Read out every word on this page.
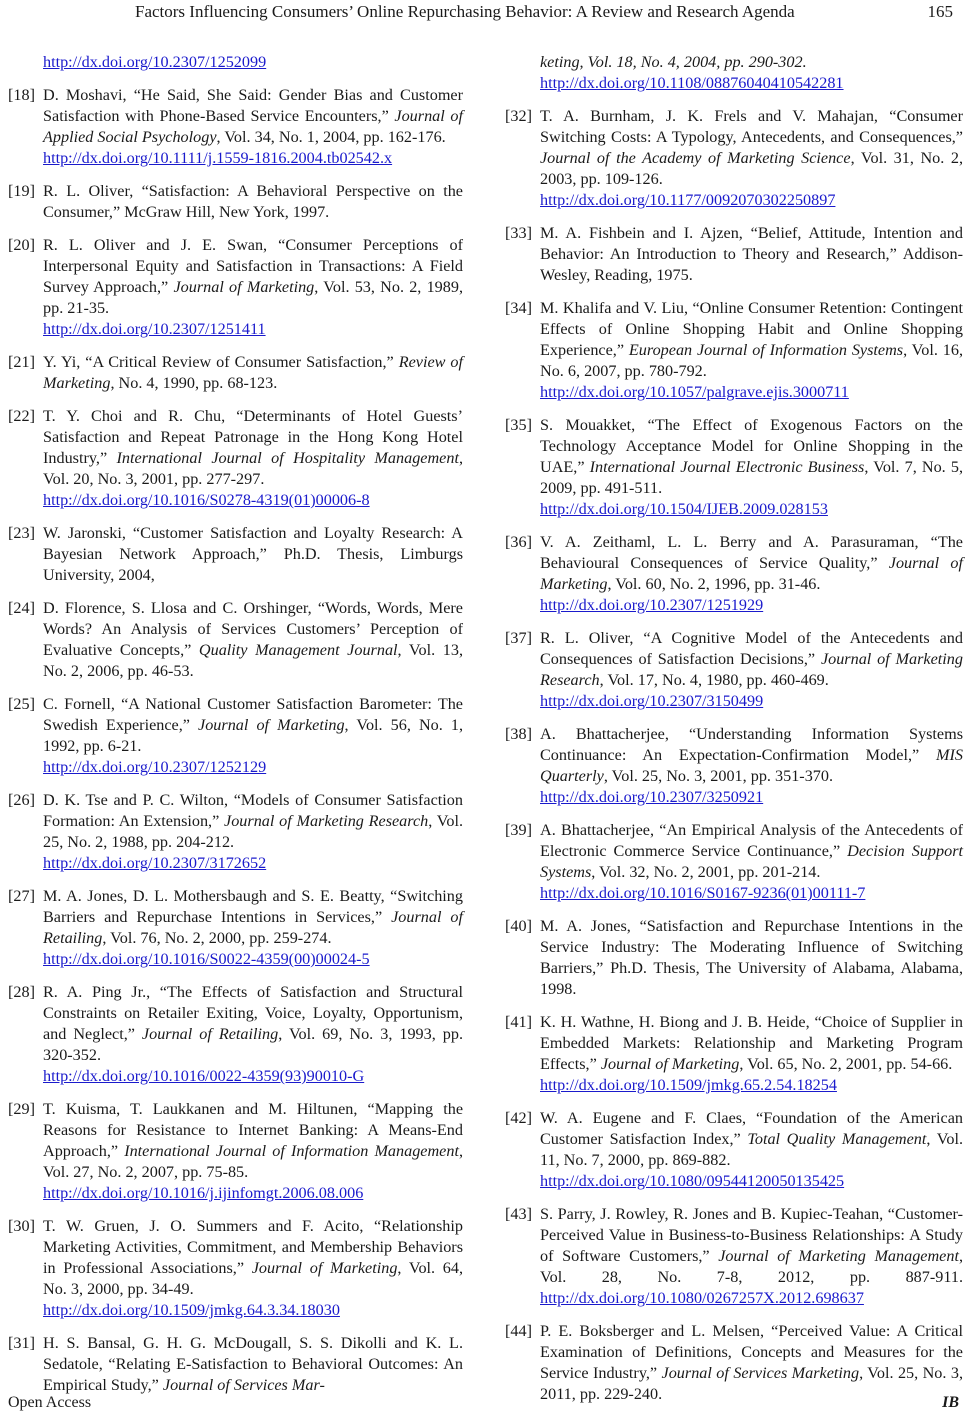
Factors Influencing Consumers’ Online Repurchasing Behavior: A Review and Research Agenda	165
http://dx.doi.org/10.2307/1252099
[18] D. Moshavi, “He Said, She Said: Gender Bias and Customer Satisfaction with Phone-Based Service Encounters,” Journal of Applied Social Psychology, Vol. 34, No. 1, 2004, pp. 162-176.
http://dx.doi.org/10.1111/j.1559-1816.2004.tb02542.x
[19] R. L. Oliver, “Satisfaction: A Behavioral Perspective on the Consumer,” McGraw Hill, New York, 1997.
[20] R. L. Oliver and J. E. Swan, “Consumer Perceptions of Interpersonal Equity and Satisfaction in Transactions: A Field Survey Approach,” Journal of Marketing, Vol. 53, No. 2, 1989, pp. 21-35.
http://dx.doi.org/10.2307/1251411
[21] Y. Yi, “A Critical Review of Consumer Satisfaction,” Review of Marketing, No. 4, 1990, pp. 68-123.
[22] T. Y. Choi and R. Chu, “Determinants of Hotel Guests’ Satisfaction and Repeat Patronage in the Hong Kong Hotel Industry,” International Journal of Hospitality Management, Vol. 20, No. 3, 2001, pp. 277-297.
http://dx.doi.org/10.1016/S0278-4319(01)00006-8
[23] W. Jaronski, “Customer Satisfaction and Loyalty Research: A Bayesian Network Approach,” Ph.D. Thesis, Limburgs University, 2004,
[24] D. Florence, S. Llosa and C. Orshinger, “Words, Words, Mere Words? An Analysis of Services Customers’ Perception of Evaluative Concepts,” Quality Management Journal, Vol. 13, No. 2, 2006, pp. 46-53.
[25] C. Fornell, “A National Customer Satisfaction Barometer: The Swedish Experience,” Journal of Marketing, Vol. 56, No. 1, 1992, pp. 6-21.
http://dx.doi.org/10.2307/1252129
[26] D. K. Tse and P. C. Wilton, “Models of Consumer Satisfaction Formation: An Extension,” Journal of Marketing Research, Vol. 25, No. 2, 1988, pp. 204-212.
http://dx.doi.org/10.2307/3172652
[27] M. A. Jones, D. L. Mothersbaugh and S. E. Beatty, “Switching Barriers and Repurchase Intentions in Services,” Journal of Retailing, Vol. 76, No. 2, 2000, pp. 259-274.
http://dx.doi.org/10.1016/S0022-4359(00)00024-5
[28] R. A. Ping Jr., “The Effects of Satisfaction and Structural Constraints on Retailer Exiting, Voice, Loyalty, Opportunism, and Neglect,” Journal of Retailing, Vol. 69, No. 3, 1993, pp. 320-352.
http://dx.doi.org/10.1016/0022-4359(93)90010-G
[29] T. Kuisma, T. Laukkanen and M. Hiltunen, “Mapping the Reasons for Resistance to Internet Banking: A Means-End Approach,” International Journal of Information Management, Vol. 27, No. 2, 2007, pp. 75-85.
http://dx.doi.org/10.1016/j.ijinfomgt.2006.08.006
[30] T. W. Gruen, J. O. Summers and F. Acito, “Relationship Marketing Activities, Commitment, and Membership Behaviors in Professional Associations,” Journal of Marketing, Vol. 64, No. 3, 2000, pp. 34-49.
http://dx.doi.org/10.1509/jmkg.64.3.34.18030
[31] H. S. Bansal, G. H. G. McDougall, S. S. Dikolli and K. L. Sedatole, “Relating E-Satisfaction to Behavioral Outcomes: An Empirical Study,” Journal of Services Mar-
keting, Vol. 18, No. 4, 2004, pp. 290-302.
http://dx.doi.org/10.1108/08876040410542281
[32] T. A. Burnham, J. K. Frels and V. Mahajan, “Consumer Switching Costs: A Typology, Antecedents, and Consequences,” Journal of the Academy of Marketing Science, Vol. 31, No. 2, 2003, pp. 109-126.
http://dx.doi.org/10.1177/0092070302250897
[33] M. A. Fishbein and I. Ajzen, “Belief, Attitude, Intention and Behavior: An Introduction to Theory and Research,” Addison-Wesley, Reading, 1975.
[34] M. Khalifa and V. Liu, “Online Consumer Retention: Contingent Effects of Online Shopping Habit and Online Shopping Experience,” European Journal of Information Systems, Vol. 16, No. 6, 2007, pp. 780-792.
http://dx.doi.org/10.1057/palgrave.ejis.3000711
[35] S. Mouakket, “The Effect of Exogenous Factors on the Technology Acceptance Model for Online Shopping in the UAE,” International Journal Electronic Business, Vol. 7, No. 5, 2009, pp. 491-511.
http://dx.doi.org/10.1504/IJEB.2009.028153
[36] V. A. Zeithaml, L. L. Berry and A. Parasuraman, “The Behavioural Consequences of Service Quality,” Journal of Marketing, Vol. 60, No. 2, 1996, pp. 31-46.
http://dx.doi.org/10.2307/1251929
[37] R. L. Oliver, “A Cognitive Model of the Antecedents and Consequences of Satisfaction Decisions,” Journal of Marketing Research, Vol. 17, No. 4, 1980, pp. 460-469.
http://dx.doi.org/10.2307/3150499
[38] A. Bhattacherjee, “Understanding Information Systems Continuance: An Expectation-Confirmation Model,” MIS Quarterly, Vol. 25, No. 3, 2001, pp. 351-370.
http://dx.doi.org/10.2307/3250921
[39] A. Bhattacherjee, “An Empirical Analysis of the Antecedents of Electronic Commerce Service Continuance,” Decision Support Systems, Vol. 32, No. 2, 2001, pp. 201-214.
http://dx.doi.org/10.1016/S0167-9236(01)00111-7
[40] M. A. Jones, “Satisfaction and Repurchase Intentions in the Service Industry: The Moderating Influence of Switching Barriers,” Ph.D. Thesis, The University of Alabama, Alabama, 1998.
[41] K. H. Wathne, H. Biong and J. B. Heide, “Choice of Supplier in Embedded Markets: Relationship and Marketing Program Effects,” Journal of Marketing, Vol. 65, No. 2, 2001, pp. 54-66.
http://dx.doi.org/10.1509/jmkg.65.2.54.18254
[42] W. A. Eugene and F. Claes, “Foundation of the American Customer Satisfaction Index,” Total Quality Management, Vol. 11, No. 7, 2000, pp. 869-882.
http://dx.doi.org/10.1080/09544120050135425
[43] S. Parry, J. Rowley, R. Jones and B. Kupiec-Teahan, “Customer-Perceived Value in Business-to-Business Relationships: A Study of Software Customers,” Journal of Marketing Management, Vol. 28, No. 7-8, 2012, pp. 887-911. http://dx.doi.org/10.1080/0267257X.2012.698637
[44] P. E. Boksberger and L. Melsen, “Perceived Value: A Critical Examination of Definitions, Concepts and Measures for the Service Industry,” Journal of Services Marketing, Vol. 25, No. 3, 2011, pp. 229-240.
Open Access	IB
